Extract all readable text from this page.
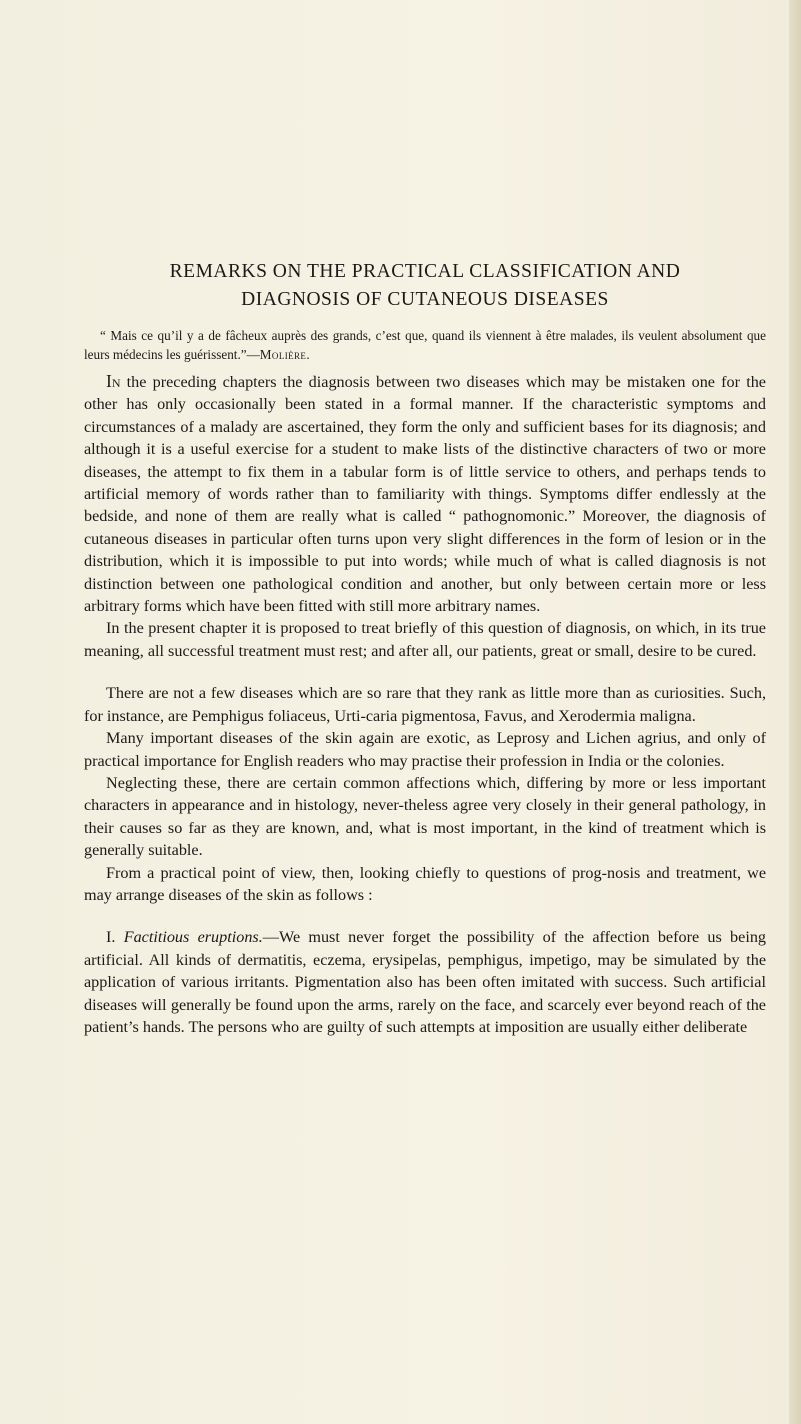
REMARKS ON THE PRACTICAL CLASSIFICATION AND
DIAGNOSIS OF CUTANEOUS DISEASES
“ Mais ce qu’il y a de fâcheux auprès des grands, c’est que, quand ils viennent à être malades, ils veulent absolument que leurs médecins les guérissent.”—Molière.

In the preceding chapters the diagnosis between two diseases which may be mistaken one for the other has only occasionally been stated in a formal manner. If the characteristic symptoms and circumstances of a malady are ascertained, they form the only and sufficient bases for its diagnosis; and although it is a useful exercise for a student to make lists of the distinctive characters of two or more diseases, the attempt to fix them in a tabular form is of little service to others, and perhaps tends to artificial memory of words rather than to familiarity with things. Symptoms differ endlessly at the bedside, and none of them are really what is called “ pathognomonic.” Moreover, the diagnosis of cutaneous diseases in particular often turns upon very slight differences in the form of lesion or in the distribution, which it is impossible to put into words; while much of what is called diagnosis is not distinction between one pathological condition and another, but only between certain more or less arbitrary forms which have been fitted with still more arbitrary names.

In the present chapter it is proposed to treat briefly of this question of diagnosis, on which, in its true meaning, all successful treatment must rest; and after all, our patients, great or small, desire to be cured.

There are not a few diseases which are so rare that they rank as little more than as curiosities. Such, for instance, are Pemphigus foliaceus, Urti-caria pigmentosa, Favus, and Xerodermia maligna.

Many important diseases of the skin again are exotic, as Leprosy and Lichen agrius, and only of practical importance for English readers who may practise their profession in India or the colonies.

Neglecting these, there are certain common affections which, differing by more or less important characters in appearance and in histology, never-theless agree very closely in their general pathology, in their causes so far as they are known, and, what is most important, in the kind of treatment which is generally suitable.

From a practical point of view, then, looking chiefly to questions of prog-nosis and treatment, we may arrange diseases of the skin as follows :

I. Factitious eruptions.—We must never forget the possibility of the affection before us being artificial. All kinds of dermatitis, eczema, erysipelas, pemphigus, impetigo, may be simulated by the application of various irritants. Pigmentation also has been often imitated with success. Such artificial diseases will generally be found upon the arms, rarely on the face, and scarcely ever beyond reach of the patient’s hands. The persons who are guilty of such attempts at imposition are usually either deliberate
